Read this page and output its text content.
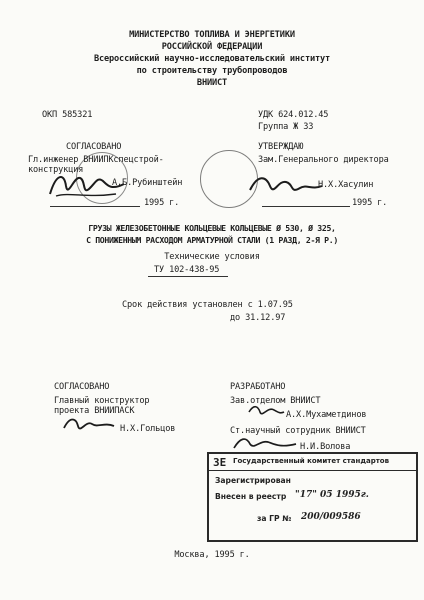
МИНИСТЕРСТВО ТОПЛИВА И ЭНЕРГЕТИКИ
РОССИЙСКОЙ ФЕДЕРАЦИИ
Всероссийский научно-исследовательский институт
по строительству трубопроводов
ВНИИСТ
ОКП 585321	УДК 624.012.45
Группа Ж 33
СОГЛАСОВАНО
Гл.инженер ВНИИПКспецстрой-
конструкция
А.Б.Рубинштейн
1995 г.
УТВЕРЖДАЮ
Зам.Генерального директора
Н.Х.Хасулин
1995 г.
ГРУЗЫ ЖЕЛЕЗОБЕТОННЫЕ КОЛЬЦЕВЫЕ КОЛЬЦЕВЫЕ Ø 530, Ø 325,
С ПОНИЖЕННЫМ РАСХОДОМ АРМАТУРНОЙ СТАЛИ (1 РАЗД, 2-Я Р.)
Технические условия
ТУ 102-438-95
Срок действия установлен с 1.07.95
до 31.12.97
СОГЛАСОВАНО
Главный конструктор
проекта ВНИИПАСК
Н.Х.Гольцов
РАЗРАБОТАНО
Зав.отделом ВНИИСТ
А.Х.Мухаметдинов
Ст.научный сотрудник ВНИИСТ
Н.И.Волова
ЗЕ Государственный комитет стандартов
Зарегистрирован
Внесен в реестр "17" 05 1995г.
за ГР № 200/009586
Москва, 1995 г.
